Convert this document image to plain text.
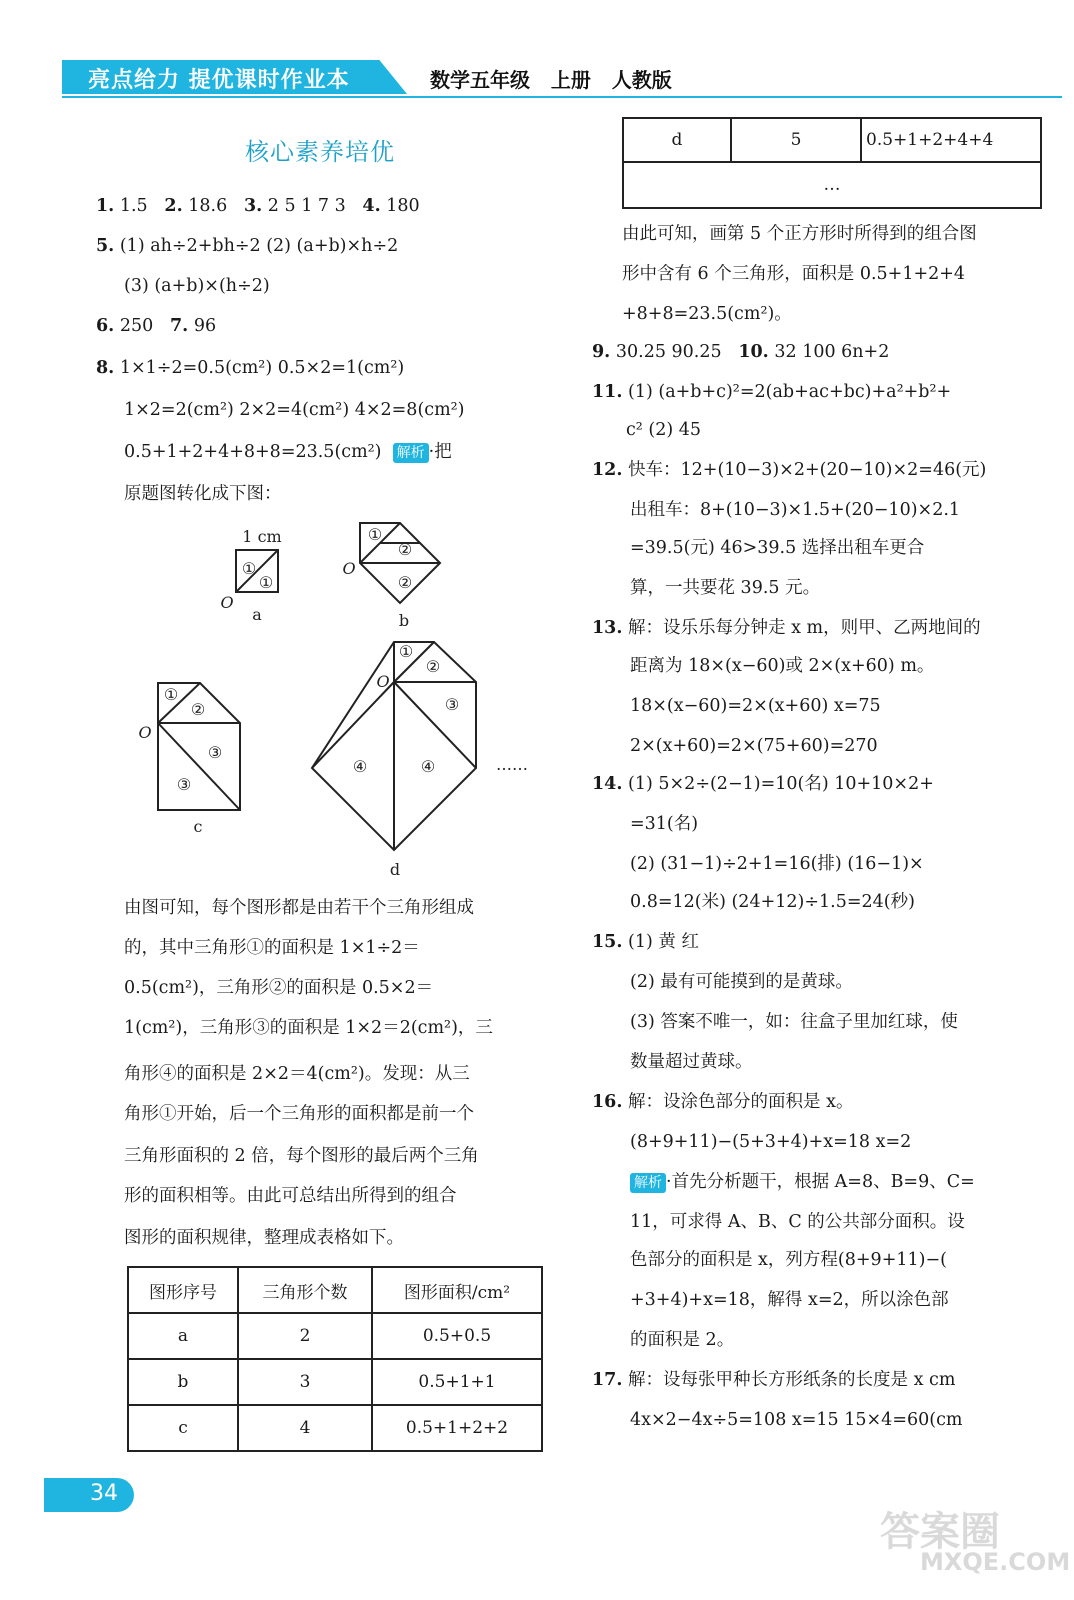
亮点给力 提优课时作业本	数学五年级   上册   人教版
核心素养培优
1. 1.5 2. 18.6 3. 2 5 1 7 3 4. 180
5. (1) ah÷2+bh÷2 (2) (a+b)×h÷2
(3) (a+b)×(h÷2)
6. 250 7. 96
8. 1×1÷2=0.5(cm²) 0.5×2=1(cm²)
1×2=2(cm²) 2×2=4(cm²) 4×2=8(cm²)
0.5+1+2+4+8+8=23.5(cm²) 解析 ·把
原题图转化成下图：
1 cm
①
①
O
a
①
②
②
O
b
①
②
③
③
O
c
①
②
③
④	④
O
d
……
由图可知，每个图形都是由若干个三角形组成
的，其中三角形①的面积是 1×1÷2＝
0.5(cm²)，三角形②的面积是 0.5×2＝
1(cm²)，三角形③的面积是 1×2＝2(cm²)，三
角形④的面积是 2×2＝4(cm²)。发现：从三
角形①开始，后一个三角形的面积都是前一个
三角形面积的 2 倍，每个图形的最后两个三角
形的面积相等。由此可总结出所得到的组合
图形的面积规律，整理成表格如下。
图形序号	三角形个数	图形面积/cm²
a	2	0.5+0.5
b	3	0.5+1+1
c	4	0.5+1+2+2
d	5	0.5+1+2+4+4
…
由此可知，画第 5 个正方形时所得到的组合图
形中含有 6 个三角形，面积是 0.5+1+2+4
+8+8=23.5(cm²)。
9. 30.25 90.25 10. 32 100 6n+2
11. (1) (a+b+c)²=2(ab+ac+bc)+a²+b²+
c² (2) 45
12. 快车：12+(10−3)×2+(20−10)×2=46(元)
出租车：8+(10−3)×1.5+(20−10)×2.1
=39.5(元) 46>39.5 选择出租车更合
算，一共要花 39.5 元。
13. 解：设乐乐每分钟走 x m，则甲、乙两地间的
距离为 18×(x−60)或 2×(x+60) m。
18×(x−60)=2×(x+60) x=75
2×(x+60)=2×(75+60)=270
14. (1) 5×2÷(2−1)=10(名) 10+10×2+
=31(名)
(2) (31−1)÷2+1=16(排) (16−1)×
0.8=12(米) (24+12)÷1.5=24(秒)
15. (1) 黄 红
(2) 最有可能摸到的是黄球。
(3) 答案不唯一，如：往盒子里加红球，使
数量超过黄球。
16. 解：设涂色部分的面积是 x。
(8+9+11)−(5+3+4)+x=18 x=2
解析 ·首先分析题干，根据 A=8、B=9、C=
11，可求得 A、B、C 的公共部分面积。设
色部分的面积是 x，列方程(8+9+11)−(
+3+4)+x=18，解得 x=2，所以涂色部
的面积是 2。
17. 解：设每张甲种长方形纸条的长度是 x cm
4x×2−4x÷5=108 x=15 15×4=60(cm
34
答案圈
MXQE.COM
